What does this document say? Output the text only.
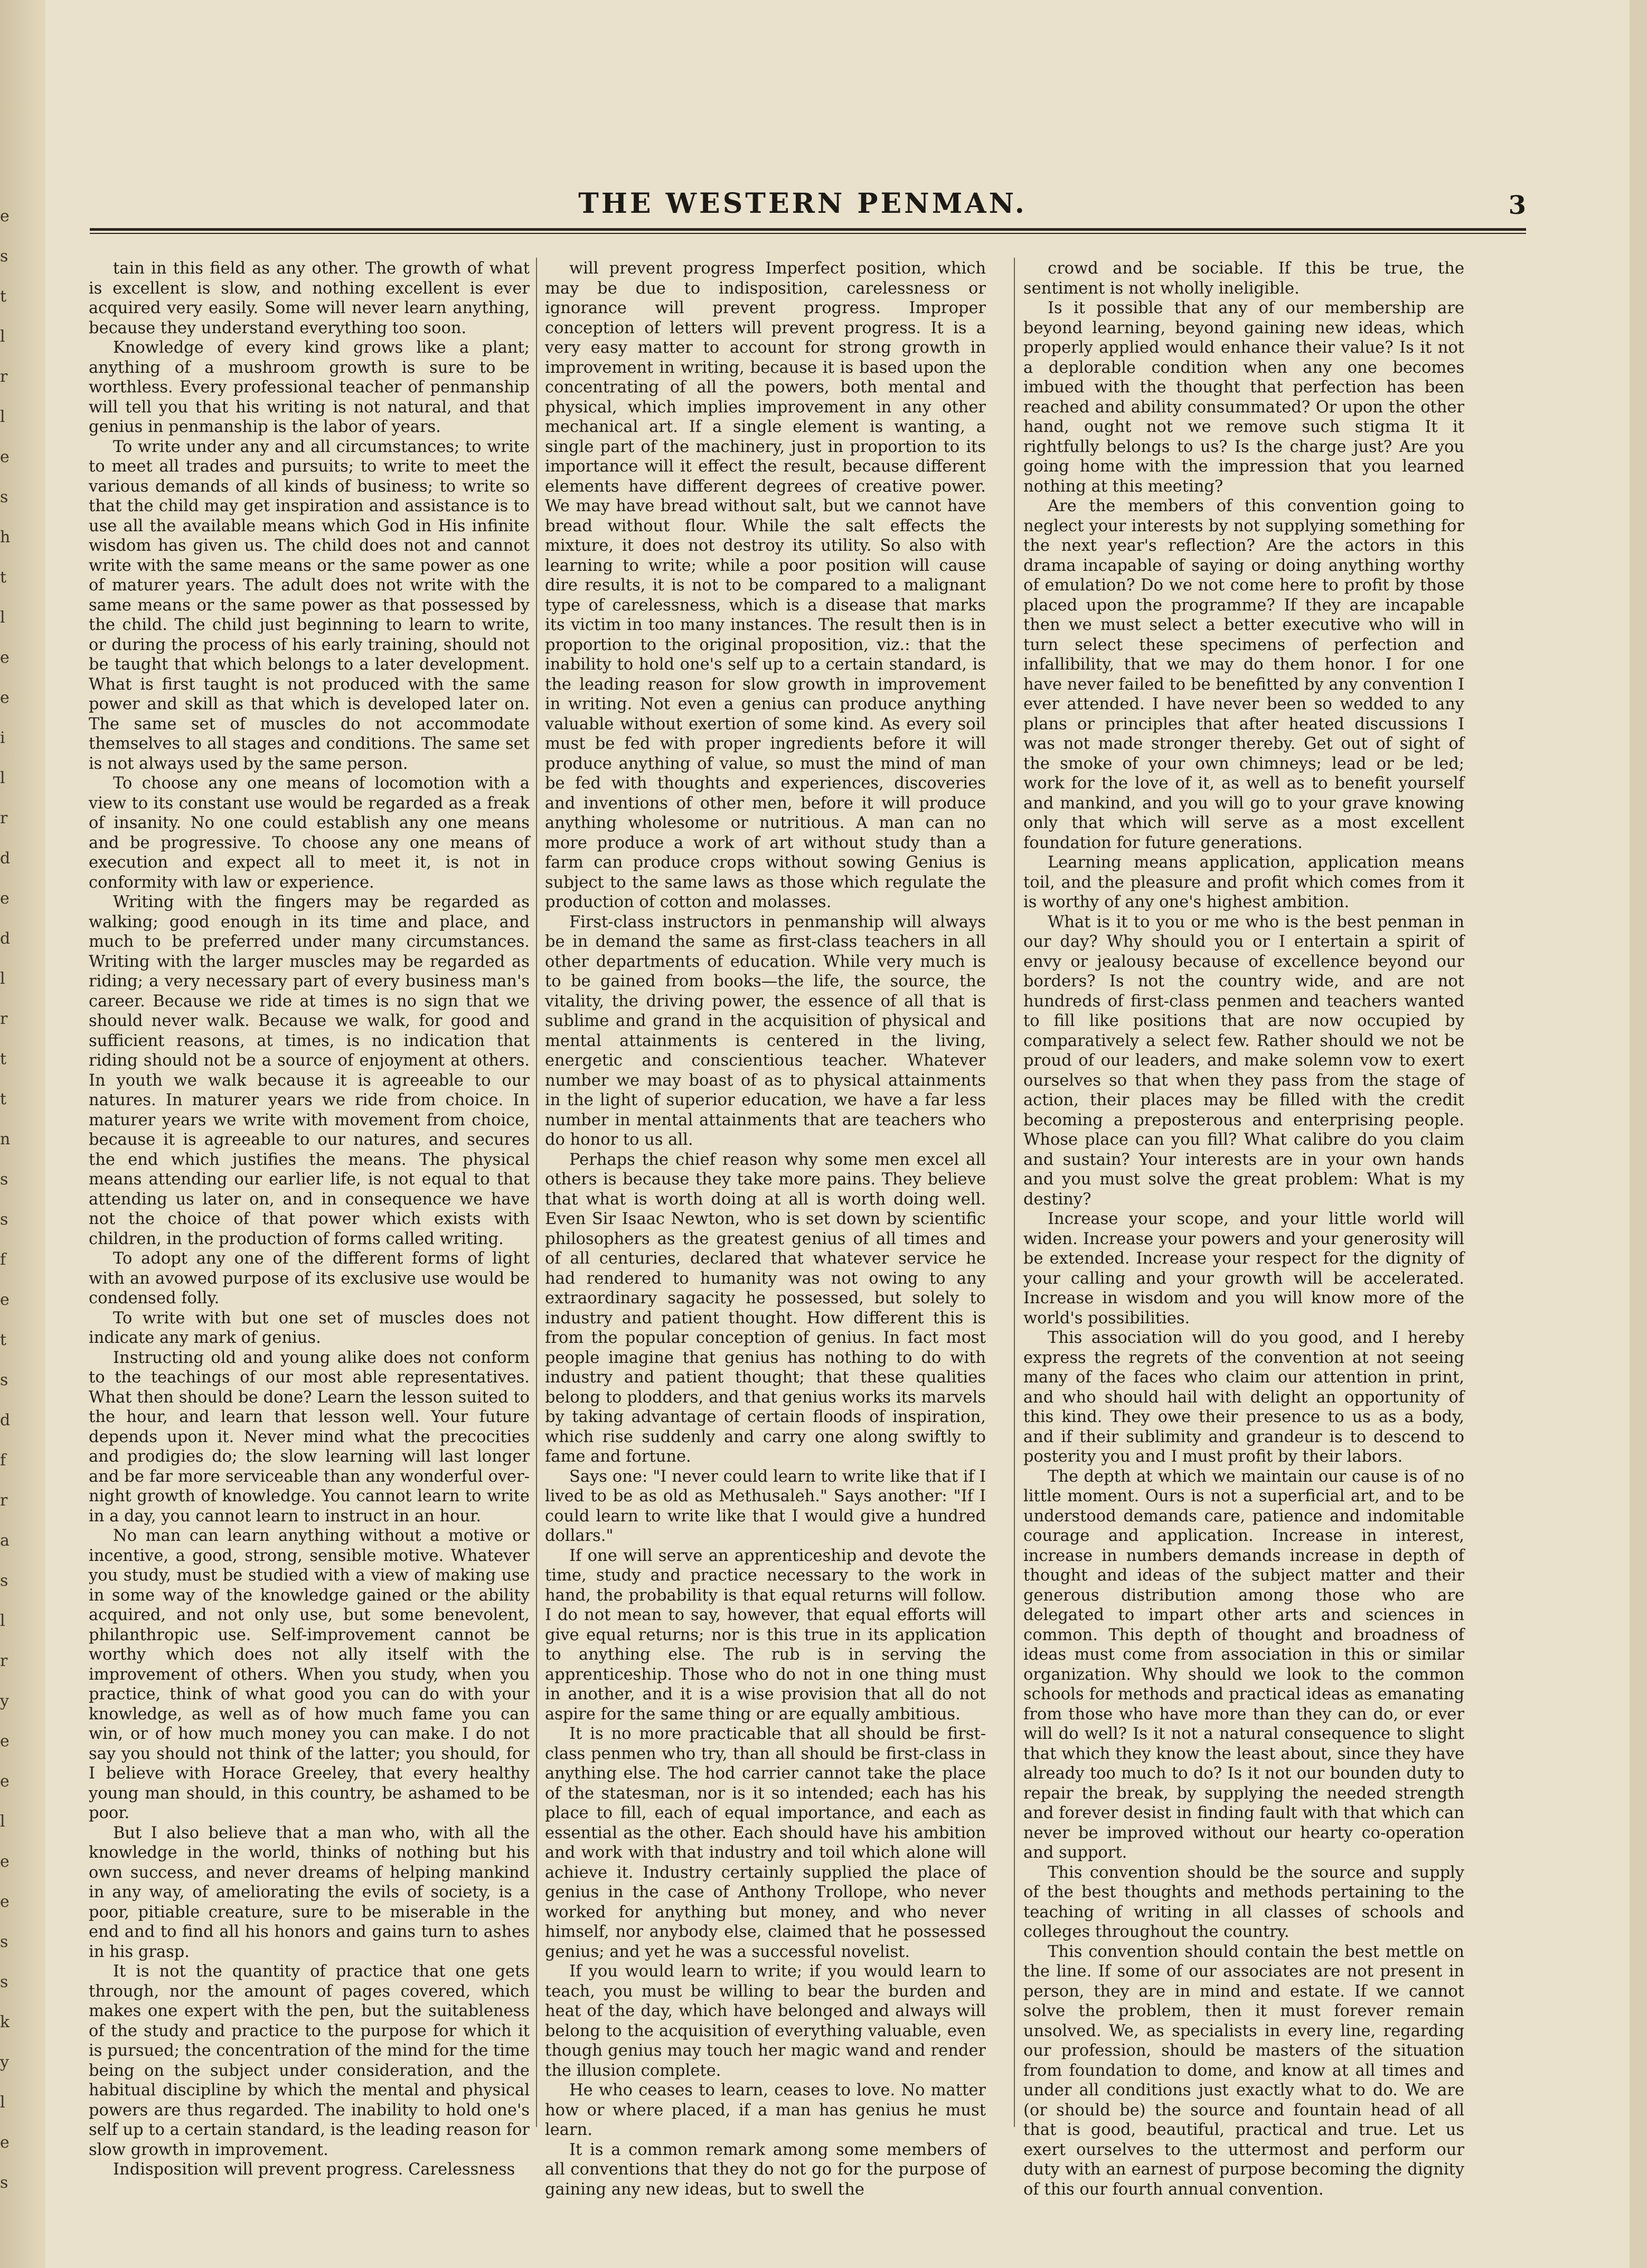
e
s
t
l
r
l
e
s
h
t
l
e
e
i
l
r
d
e
d
l
r
t
t
n
s
s
f
e
t
s
d
f
r
a
s
l
r
y
e
e
l
e
e
s
s
k
y
l
e
s
THE WESTERN PENMAN.	3

tain in this field as any other. The growth of what is excellent is slow, and nothing excellent is ever acquired very easily. Some will never learn anything, because they understand everything too soon.

Knowledge of every kind grows like a plant; anything of a mushroom growth is sure to be worthless. Every professional teacher of penmanship will tell you that his writing is not natural, and that genius in penmanship is the labor of years.

To write under any and all circumstances; to write to meet all trades and pursuits; to write to meet the various demands of all kinds of business; to write so that the child may get inspiration and assistance is to use all the available means which God in His infinite wisdom has given us. The child does not and cannot write with the same means or the same power as one of maturer years. The adult does not write with the same means or the same power as that possessed by the child. The child just beginning to learn to write, or during the process of his early training, should not be taught that which belongs to a later development. What is first taught is not produced with the same power and skill as that which is developed later on. The same set of muscles do not accommodate themselves to all stages and conditions. The same set is not always used by the same person.

To choose any one means of locomotion with a view to its constant use would be regarded as a freak of insanity. No one could establish any one means and be progressive. To choose any one means of execution and expect all to meet it, is not in conformity with law or experience.

Writing with the fingers may be regarded as walking; good enough in its time and place, and much to be preferred under many circumstances. Writing with the larger muscles may be regarded as riding; a very necessary part of every business man's career. Because we ride at times is no sign that we should never walk. Because we walk, for good and sufficient reasons, at times, is no indication that riding should not be a source of enjoyment at others. In youth we walk because it is agreeable to our natures. In maturer years we ride from choice. In maturer years we write with movement from choice, because it is agreeable to our natures, and secures the end which justifies the means. The physical means attending our earlier life, is not equal to that attending us later on, and in consequence we have not the choice of that power which exists with children, in the production of forms called writing.

To adopt any one of the different forms of light with an avowed purpose of its exclusive use would be condensed folly.

To write with but one set of muscles does not indicate any mark of genius.

Instructing old and young alike does not conform to the teachings of our most able representatives. What then should be done? Learn the lesson suited to the hour, and learn that lesson well. Your future depends upon it. Never mind what the precocities and prodigies do; the slow learning will last longer and be far more serviceable than any wonderful over-night growth of knowledge. You cannot learn to write in a day, you cannot learn to instruct in an hour.

No man can learn anything without a motive or incentive, a good, strong, sensible motive. Whatever you study, must be studied with a view of making use in some way of the knowledge gained or the ability acquired, and not only use, but some benevolent, philanthropic use. Self-improvement cannot be worthy which does not ally itself with the improvement of others. When you study, when you practice, think of what good you can do with your knowledge, as well as of how much fame you can win, or of how much money you can make. I do not say you should not think of the latter; you should, for I believe with Horace Greeley, that every healthy young man should, in this country, be ashamed to be poor.

But I also believe that a man who, with all the knowledge in the world, thinks of nothing but his own success, and never dreams of helping mankind in any way, of ameliorating the evils of society, is a poor, pitiable creature, sure to be miserable in the end and to find all his honors and gains turn to ashes in his grasp.

It is not the quantity of practice that one gets through, nor the amount of pages covered, which makes one expert with the pen, but the suitableness of the study and practice to the purpose for which it is pursued; the concentration of the mind for the time being on the subject under consideration, and the habitual discipline by which the mental and physical powers are thus regarded. The inability to hold one's self up to a certain standard, is the leading reason for slow growth in improvement.

Indisposition will prevent progress. Carelessness

will prevent progress Imperfect position, which may be due to indisposition, carelessness or ignorance will prevent progress. Improper conception of letters will prevent progress. It is a very easy matter to account for strong growth in improvement in writing, because it is based upon the concentrating of all the powers, both mental and physical, which implies improvement in any other mechanical art. If a single element is wanting, a single part of the machinery, just in proportion to its importance will it effect the result, because different elements have different degrees of creative power. We may have bread without salt, but we cannot have bread without flour. While the salt effects the mixture, it does not destroy its utility. So also with learning to write; while a poor position will cause dire results, it is not to be compared to a malignant type of carelessness, which is a disease that marks its victim in too many instances. The result then is in proportion to the original proposition, viz.: that the inability to hold one's self up to a certain standard, is the leading reason for slow growth in improvement in writing. Not even a genius can produce anything valuable without exertion of some kind. As every soil must be fed with proper ingredients before it will produce anything of value, so must the mind of man be fed with thoughts and experiences, discoveries and inventions of other men, before it will produce anything wholesome or nutritious. A man can no more produce a work of art without study than a farm can produce crops without sowing Genius is subject to the same laws as those which regulate the production of cotton and molasses.

First-class instructors in penmanship will always be in demand the same as first-class teachers in all other departments of education. While very much is to be gained from books—the life, the source, the vitality, the driving power, the essence of all that is sublime and grand in the acquisition of physical and mental attainments is centered in the living, energetic and conscientious teacher. Whatever number we may boast of as to physical attainments in the light of superior education, we have a far less number in mental attainments that are teachers who do honor to us all.

Perhaps the chief reason why some men excel all others is because they take more pains. They believe that what is worth doing at all is worth doing well. Even Sir Isaac Newton, who is set down by scientific philosophers as the greatest genius of all times and of all centuries, declared that whatever service he had rendered to humanity was not owing to any extraordinary sagacity he possessed, but solely to industry and patient thought. How different this is from the popular conception of genius. In fact most people imagine that genius has nothing to do with industry and patient thought; that these qualities belong to plodders, and that genius works its marvels by taking advantage of certain floods of inspiration, which rise suddenly and carry one along swiftly to fame and fortune.

Says one: "I never could learn to write like that if I lived to be as old as Methusaleh." Says another: "If I could learn to write like that I would give a hundred dollars."

If one will serve an apprenticeship and devote the time, study and practice necessary to the work in hand, the probability is that equal returns will follow. I do not mean to say, however, that equal efforts will give equal returns; nor is this true in its application to anything else. The rub is in serving the apprenticeship. Those who do not in one thing must in another, and it is a wise provision that all do not aspire for the same thing or are equally ambitious.

It is no more practicable that all should be first-class penmen who try, than all should be first-class in anything else. The hod carrier cannot take the place of the statesman, nor is it so intended; each has his place to fill, each of equal importance, and each as essential as the other. Each should have his ambition and work with that industry and toil which alone will achieve it. Industry certainly supplied the place of genius in the case of Anthony Trollope, who never worked for anything but money, and who never himself, nor anybody else, claimed that he possessed genius; and yet he was a successful novelist.

If you would learn to write; if you would learn to teach, you must be willing to bear the burden and heat of the day, which have belonged and always will belong to the acquisition of everything valuable, even though genius may touch her magic wand and render the illusion complete.

He who ceases to learn, ceases to love. No matter how or where placed, if a man has genius he must learn.

It is a common remark among some members of all conventions that they do not go for the purpose of gaining any new ideas, but to swell the

crowd and be sociable. If this be true, the sentiment is not wholly ineligible.

Is it possible that any of our membership are beyond learning, beyond gaining new ideas, which properly applied would enhance their value? Is it not a deplorable condition when any one becomes imbued with the thought that perfection has been reached and ability consummated? Or upon the other hand, ought not we remove such stigma It it rightfully belongs to us? Is the charge just? Are you going home with the impression that you learned nothing at this meeting?

Are the members of this convention going to neglect your interests by not supplying something for the next year's reflection? Are the actors in this drama incapable of saying or doing anything worthy of emulation? Do we not come here to profit by those placed upon the programme? If they are incapable then we must select a better executive who will in turn select these specimens of perfection and infallibility, that we may do them honor. I for one have never failed to be benefitted by any convention I ever attended. I have never been so wedded to any plans or principles that after heated discussions I was not made stronger thereby. Get out of sight of the smoke of your own chimneys; lead or be led; work for the love of it, as well as to benefit yourself and mankind, and you will go to your grave knowing only that which will serve as a most excellent foundation for future generations.

Learning means application, application means toil, and the pleasure and profit which comes from it is worthy of any one's highest ambition.

What is it to you or me who is the best penman in our day? Why should you or I entertain a spirit of envy or jealousy because of excellence beyond our borders? Is not the country wide, and are not hundreds of first-class penmen and teachers wanted to fill like positions that are now occupied by comparatively a select few. Rather should we not be proud of our leaders, and make solemn vow to exert ourselves so that when they pass from the stage of action, their places may be filled with the credit becoming a preposterous and enterprising people. Whose place can you fill? What calibre do you claim and sustain? Your interests are in your own hands and you must solve the great problem: What is my destiny?

Increase your scope, and your little world will widen. Increase your powers and your generosity will be extended. Increase your respect for the dignity of your calling and your growth will be accelerated. Increase in wisdom and you will know more of the world's possibilities.

This association will do you good, and I hereby express the regrets of the convention at not seeing many of the faces who claim our attention in print, and who should hail with delight an opportunity of this kind. They owe their presence to us as a body, and if their sublimity and grandeur is to descend to posterity you and I must profit by their labors.

The depth at which we maintain our cause is of no little moment. Ours is not a superficial art, and to be understood demands care, patience and indomitable courage and application. Increase in interest, increase in numbers demands increase in depth of thought and ideas of the subject matter and their generous distribution among those who are delegated to impart other arts and sciences in common. This depth of thought and broadness of ideas must come from association in this or similar organization. Why should we look to the common schools for methods and practical ideas as emanating from those who have more than they can do, or ever will do well? Is it not a natural consequence to slight that which they know the least about, since they have already too much to do? Is it not our bounden duty to repair the break, by supplying the needed strength and forever desist in finding fault with that which can never be improved without our hearty co-operation and support.

This convention should be the source and supply of the best thoughts and methods pertaining to the teaching of writing in all classes of schools and colleges throughout the country.

This convention should contain the best mettle on the line. If some of our associates are not present in person, they are in mind and estate. If we cannot solve the problem, then it must forever remain unsolved. We, as specialists in every line, regarding our profession, should be masters of the situation from foundation to dome, and know at all times and under all conditions just exactly what to do. We are (or should be) the source and fountain head of all that is good, beautiful, practical and true. Let us exert ourselves to the uttermost and perform our duty with an earnest of purpose becoming the dignity of this our fourth annual convention.
